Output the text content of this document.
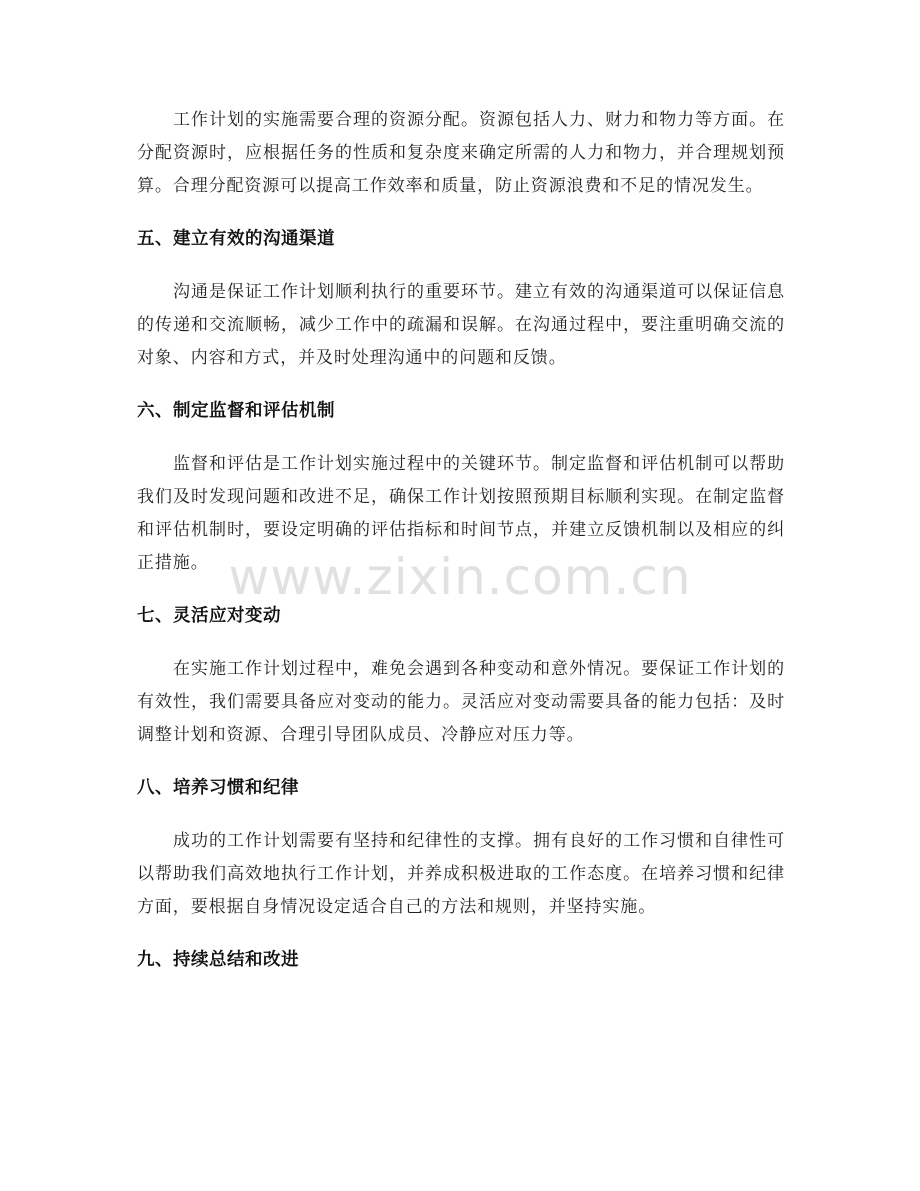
工作计划的实施需要合理的资源分配。资源包括人力、财力和物力等方面。在分配资源时，应根据任务的性质和复杂度来确定所需的人力和物力，并合理规划预算。合理分配资源可以提高工作效率和质量，防止资源浪费和不足的情况发生。

五、建立有效的沟通渠道

沟通是保证工作计划顺利执行的重要环节。建立有效的沟通渠道可以保证信息的传递和交流顺畅，减少工作中的疏漏和误解。在沟通过程中，要注重明确交流的对象、内容和方式，并及时处理沟通中的问题和反馈。

六、制定监督和评估机制

监督和评估是工作计划实施过程中的关键环节。制定监督和评估机制可以帮助我们及时发现问题和改进不足，确保工作计划按照预期目标顺利实现。在制定监督和评估机制时，要设定明确的评估指标和时间节点，并建立反馈机制以及相应的纠正措施。

七、灵活应对变动

在实施工作计划过程中，难免会遇到各种变动和意外情况。要保证工作计划的有效性，我们需要具备应对变动的能力。灵活应对变动需要具备的能力包括：及时调整计划和资源、合理引导团队成员、冷静应对压力等。

八、培养习惯和纪律

成功的工作计划需要有坚持和纪律性的支撑。拥有良好的工作习惯和自律性可以帮助我们高效地执行工作计划，并养成积极进取的工作态度。在培养习惯和纪律方面，要根据自身情况设定适合自己的方法和规则，并坚持实施。

九、持续总结和改进
www.zixin.com.cn
